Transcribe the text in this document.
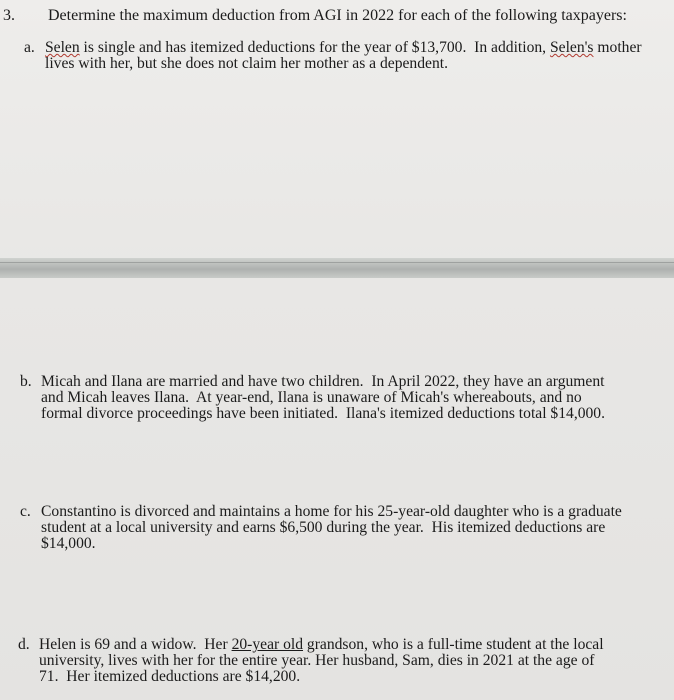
3. Determine the maximum deduction from AGI in 2022 for each of the following taxpayers:
a. Selen is single and has itemized deductions for the year of $13,700.  In addition, Selen's mother
lives with her, but she does not claim her mother as a dependent.
b. Micah and Ilana are married and have two children.  In April 2022, they have an argument
and Micah leaves Ilana.  At year-end, Ilana is unaware of Micah's whereabouts, and no
formal divorce proceedings have been initiated.  Ilana's itemized deductions total $14,000.
c. Constantino is divorced and maintains a home for his 25-year-old daughter who is a graduate
student at a local university and earns $6,500 during the year.  His itemized deductions are
$14,000.
d. Helen is 69 and a widow.  Her 20-year old grandson, who is a full-time student at the local
university, lives with her for the entire year. Her husband, Sam, dies in 2021 at the age of
71.  Her itemized deductions are $14,200.
